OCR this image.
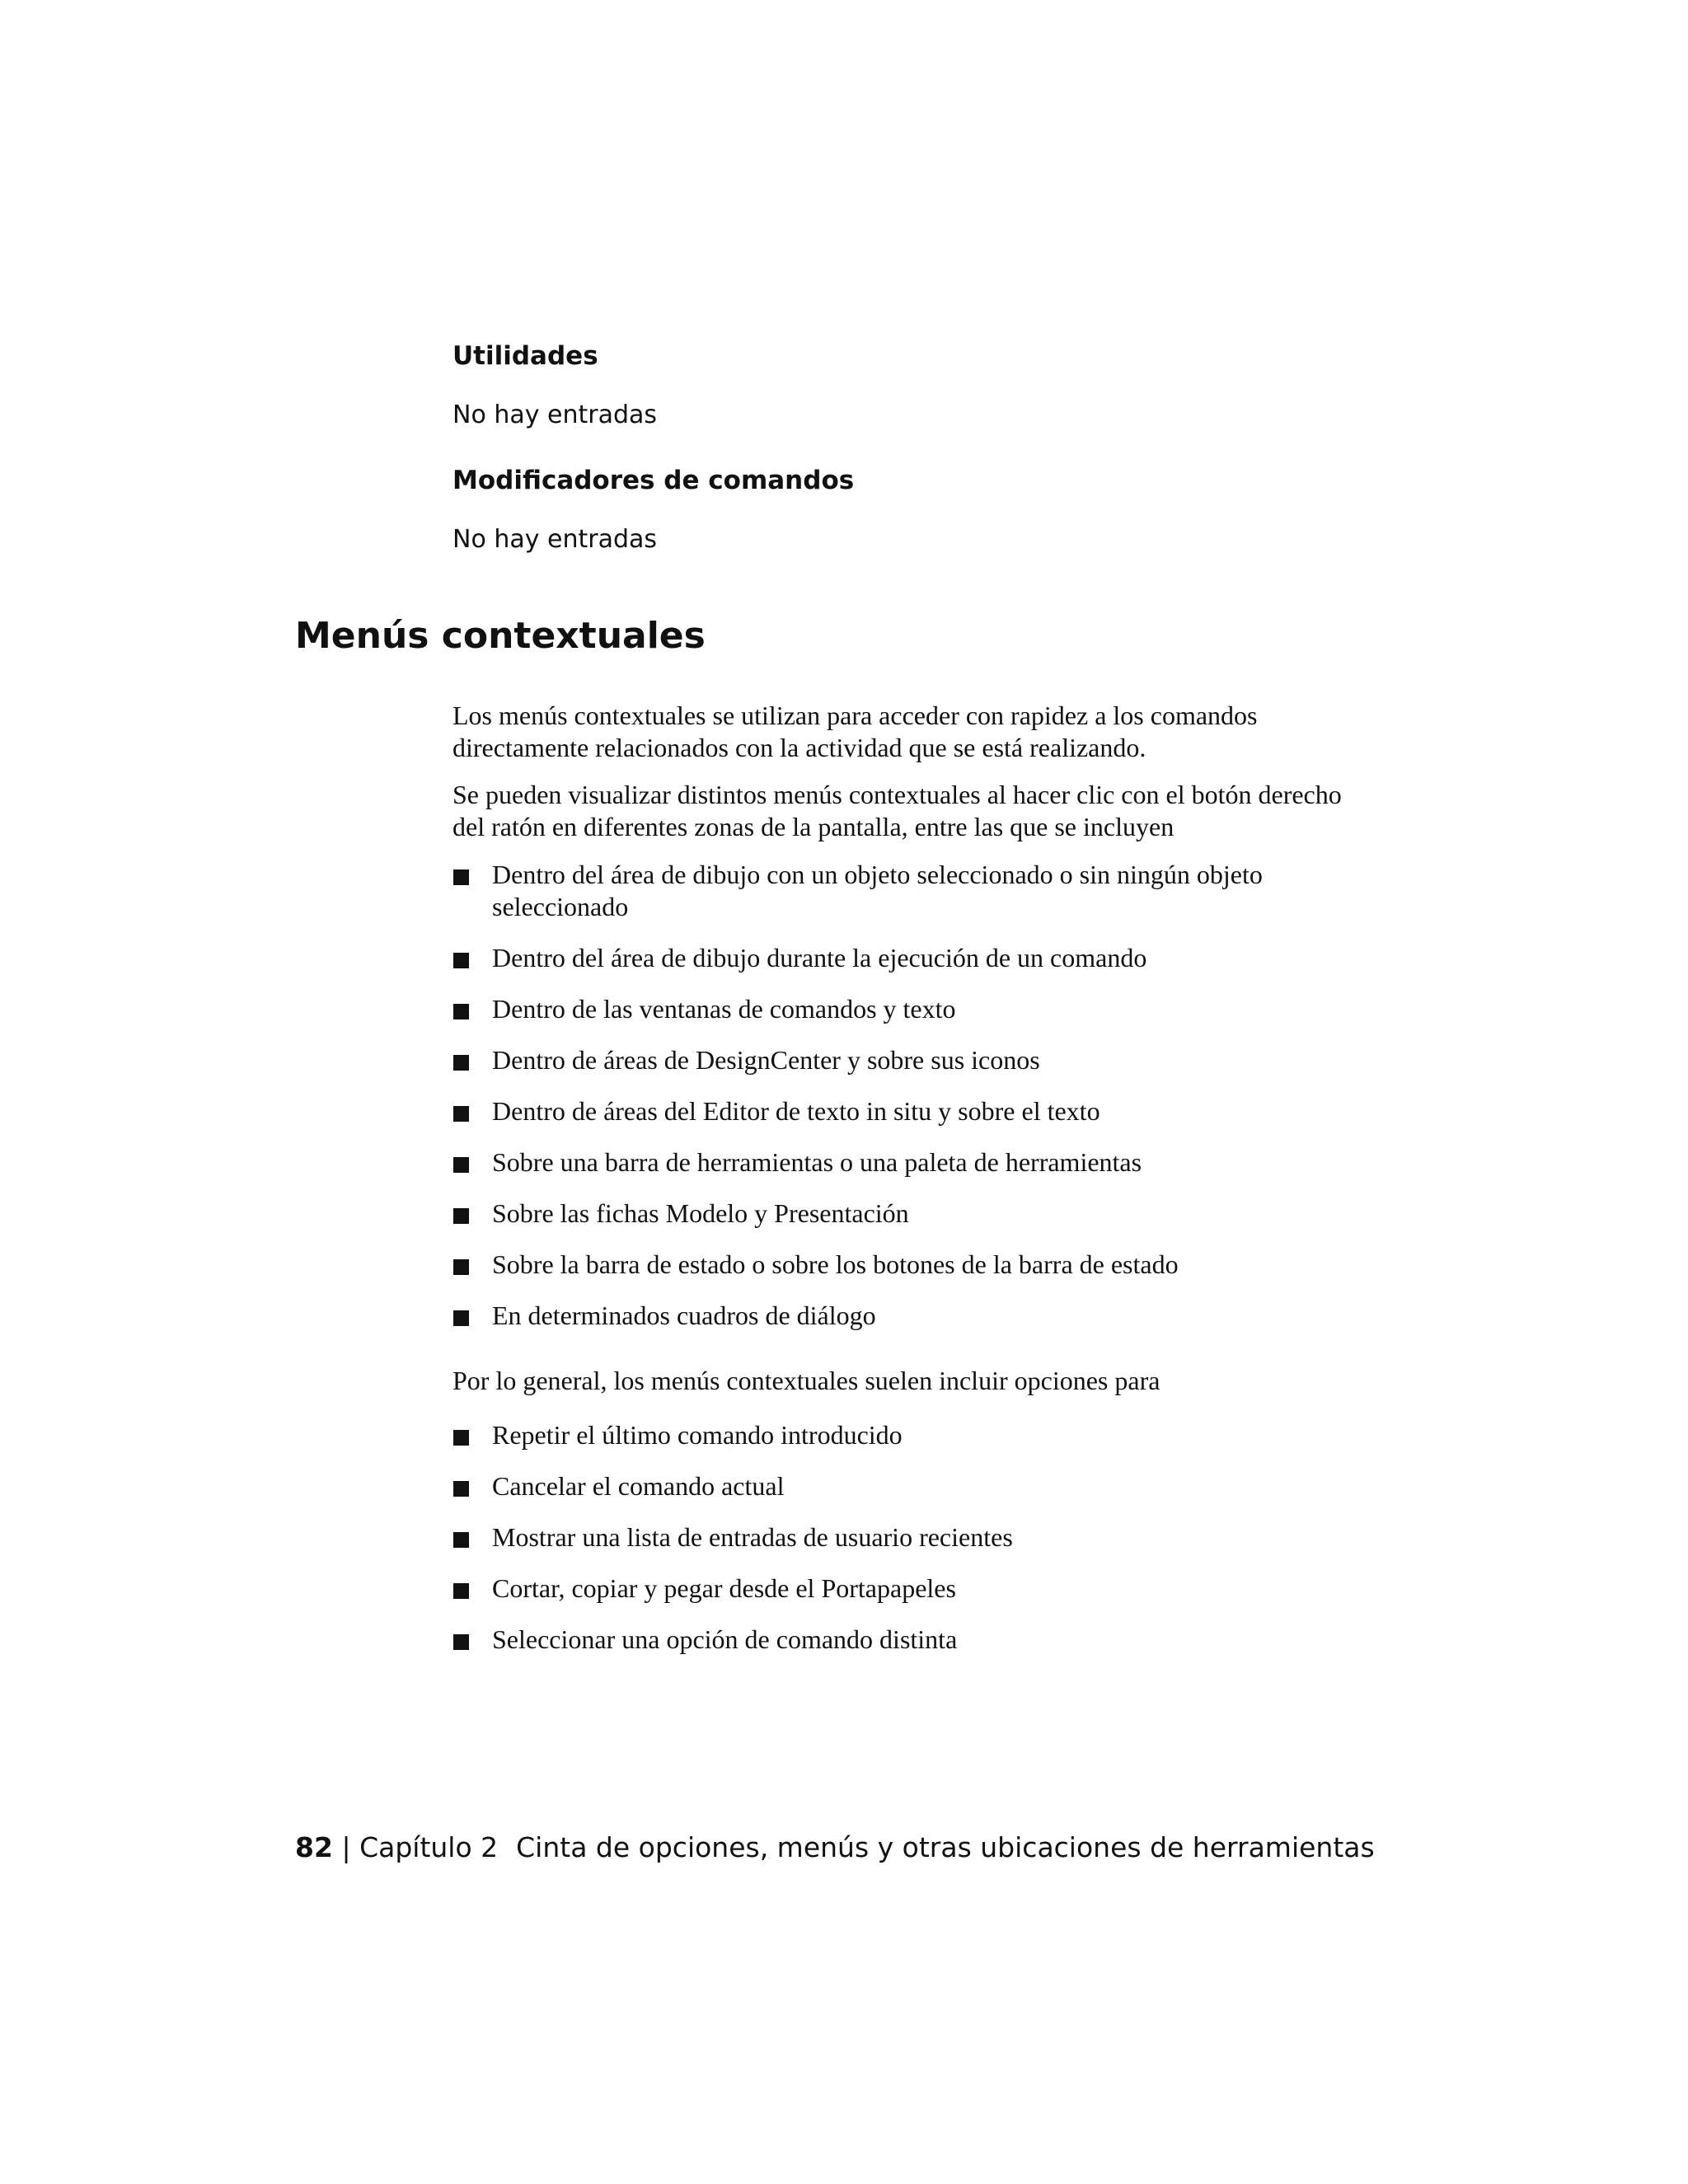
Utilidades
No hay entradas
Modificadores de comandos
No hay entradas
Menús contextuales

Los menús contextuales se utilizan para acceder con rapidez a los comandos directamente relacionados con la actividad que se está realizando.

Se pueden visualizar distintos menús contextuales al hacer clic con el botón derecho del ratón en diferentes zonas de la pantalla, entre las que se incluyen

Dentro del área de dibujo con un objeto seleccionado o sin ningún objeto seleccionado
Dentro del área de dibujo durante la ejecución de un comando
Dentro de las ventanas de comandos y texto
Dentro de áreas de DesignCenter y sobre sus iconos
Dentro de áreas del Editor de texto in situ y sobre el texto
Sobre una barra de herramientas o una paleta de herramientas
Sobre las fichas Modelo y Presentación
Sobre la barra de estado o sobre los botones de la barra de estado
En determinados cuadros de diálogo

Por lo general, los menús contextuales suelen incluir opciones para

Repetir el último comando introducido
Cancelar el comando actual
Mostrar una lista de entradas de usuario recientes
Cortar, copiar y pegar desde el Portapapeles
Seleccionar una opción de comando distinta
82 | Capítulo 2 Cinta de opciones, menús y otras ubicaciones de herramientas
